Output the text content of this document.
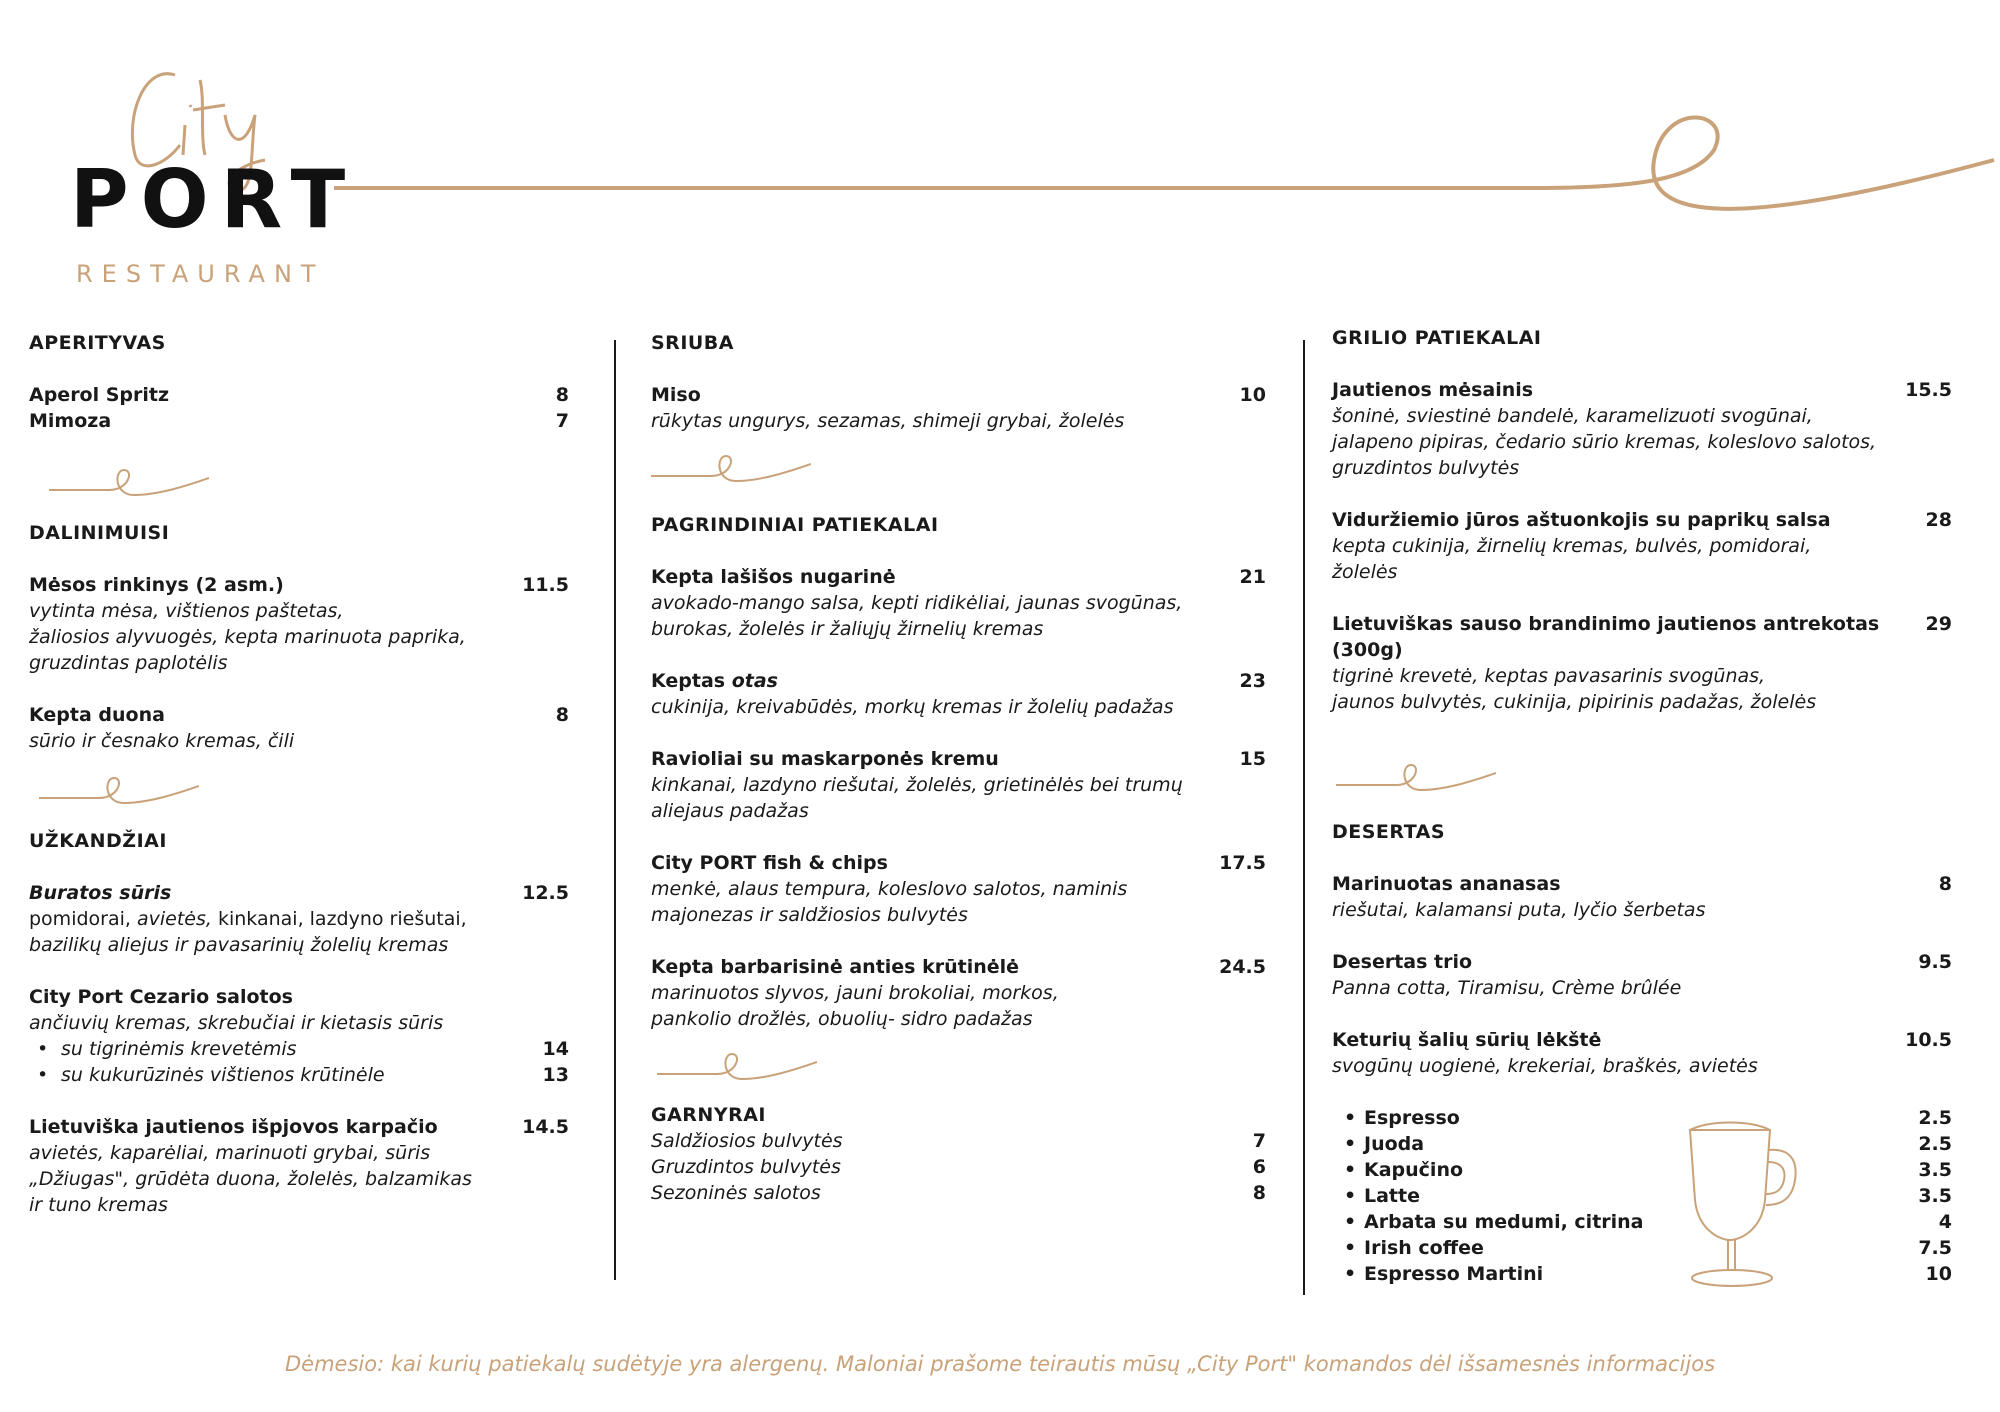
PORT
RESTAURANT
APERITYVAS
Aperol Spritz	8
Mimoza	7
DALINIMUISI
Mėsos rinkinys (2 asm.)	11.5
vytinta mėsa, vištienos paštetas,
žaliosios alyvuogės, kepta marinuota paprika,
gruzdintas paplotėlis
Kepta duona	8
sūrio ir česnako kremas, čili
UŽKANDŽIAI
Buratos sūris	12.5
pomidorai, avietės, kinkanai, lazdyno riešutai,
bazilikų aliejus ir pavasarinių žolelių kremas
City Port Cezario salotos
ančiuvių kremas, skrebučiai ir kietasis sūris
• su tigrinėmis krevetėmis	14
• su kukurūzinės vištienos krūtinėle	13
Lietuviška jautienos išpjovos karpačio	14.5
avietės, kaparėliai, marinuoti grybai, sūris
„Džiugas", grūdėta duona, žolelės, balzamikas
ir tuno kremas
SRIUBA
Miso	10
rūkytas ungurys, sezamas, shimeji grybai, žolelės
PAGRINDINIAI PATIEKALAI
Kepta lašišos nugarinė	21
avokado-mango salsa, kepti ridikėliai, jaunas svogūnas,
burokas, žolelės ir žaliųjų žirnelių kremas
Keptas otas	23
cukinija, kreivabūdės, morkų kremas ir žolelių padažas
Ravioliai su maskarponės kremu	15
kinkanai, lazdyno riešutai, žolelės, grietinėlės bei trumų
aliejaus padažas
City PORT fish & chips	17.5
menkė, alaus tempura, koleslovo salotos, naminis
majonezas ir saldžiosios bulvytės
Kepta barbarisinė anties krūtinėlė	24.5
marinuotos slyvos, jauni brokoliai, morkos,
pankolio drožlės, obuolių- sidro padažas
GARNYRAI
Saldžiosios bulvytės	7
Gruzdintos bulvytės	6
Sezoninės salotos	8
GRILIO PATIEKALAI
Jautienos mėsainis	15.5
šoninė, sviestinė bandelė, karamelizuoti svogūnai,
jalapeno pipiras, čedario sūrio kremas, koleslovo salotos,
gruzdintos bulvytės
Viduržiemio jūros aštuonkojis su paprikų salsa	28
kepta cukinija, žirnelių kremas, bulvės, pomidorai,
žolelės
Lietuviškas sauso brandinimo jautienos antrekotas (300g)
29
tigrinė krevetė, keptas pavasarinis svogūnas,
jaunos bulvytės, cukinija, pipirinis padažas, žolelės
DESERTAS
Marinuotas ananasas	8
riešutai, kalamansi puta, lyčio šerbetas
Desertas trio	9.5
Panna cotta, Tiramisu, Crème brûlée
Keturių šalių sūrių lėkštė	10.5
svogūnų uogienė, krekeriai, braškės, avietės
• Espresso	2.5
• Juoda	2.5
• Kapučino	3.5
• Latte	3.5
• Arbata su medumi, citrina	4
• Irish coffee	7.5
• Espresso Martini	10
Dėmesio: kai kurių patiekalų sudėtyje yra alergenų. Maloniai prašome teirautis mūsų „City Port" komandos dėl išsamesnės informacijos
